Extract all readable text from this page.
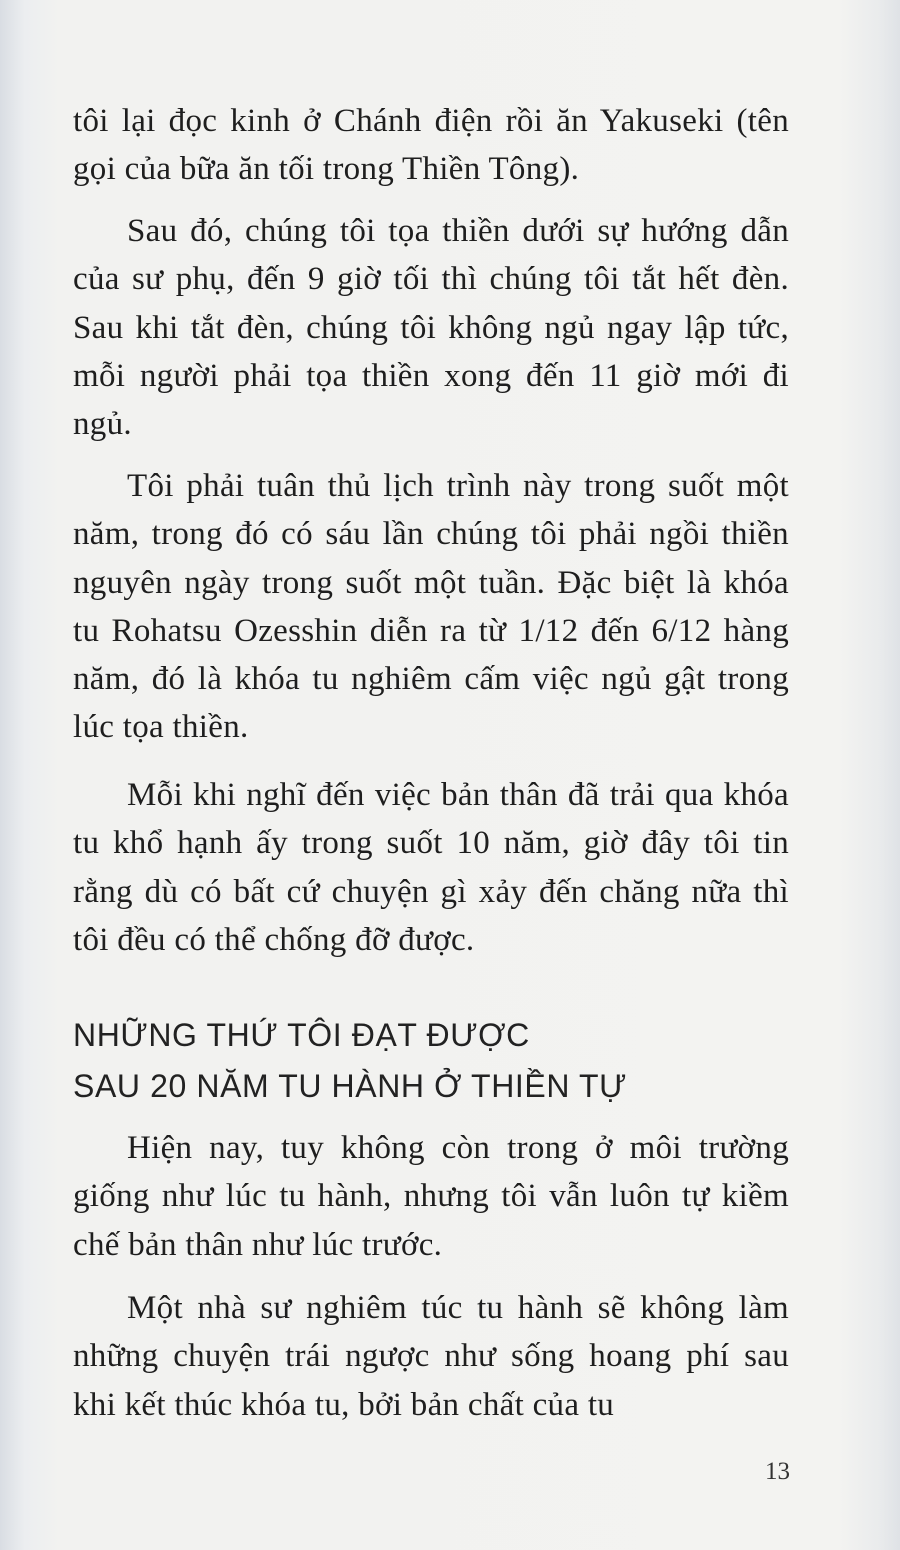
tôi lại đọc kinh ở Chánh điện rồi ăn Yakuseki (tên gọi của bữa ăn tối trong Thiền Tông).

Sau đó, chúng tôi tọa thiền dưới sự hướng dẫn của sư phụ, đến 9 giờ tối thì chúng tôi tắt hết đèn. Sau khi tắt đèn, chúng tôi không ngủ ngay lập tức, mỗi người phải tọa thiền xong đến 11 giờ mới đi ngủ.

Tôi phải tuân thủ lịch trình này trong suốt một năm, trong đó có sáu lần chúng tôi phải ngồi thiền nguyên ngày trong suốt một tuần. Đặc biệt là khóa tu Rohatsu Ozesshin diễn ra từ 1/12 đến 6/12 hàng năm, đó là khóa tu nghiêm cấm việc ngủ gật trong lúc tọa thiền.

Mỗi khi nghĩ đến việc bản thân đã trải qua khóa tu khổ hạnh ấy trong suốt 10 năm, giờ đây tôi tin rằng dù có bất cứ chuyện gì xảy đến chăng nữa thì tôi đều có thể chống đỡ được.

NHỮNG THỨ TÔI ĐẠT ĐƯỢC
SAU 20 NĂM TU HÀNH Ở THIỀN TỰ

Hiện nay, tuy không còn trong ở môi trường giống như lúc tu hành, nhưng tôi vẫn luôn tự kiềm chế bản thân như lúc trước.

Một nhà sư nghiêm túc tu hành sẽ không làm những chuyện trái ngược như sống hoang phí sau khi kết thúc khóa tu, bởi bản chất của tu

13
